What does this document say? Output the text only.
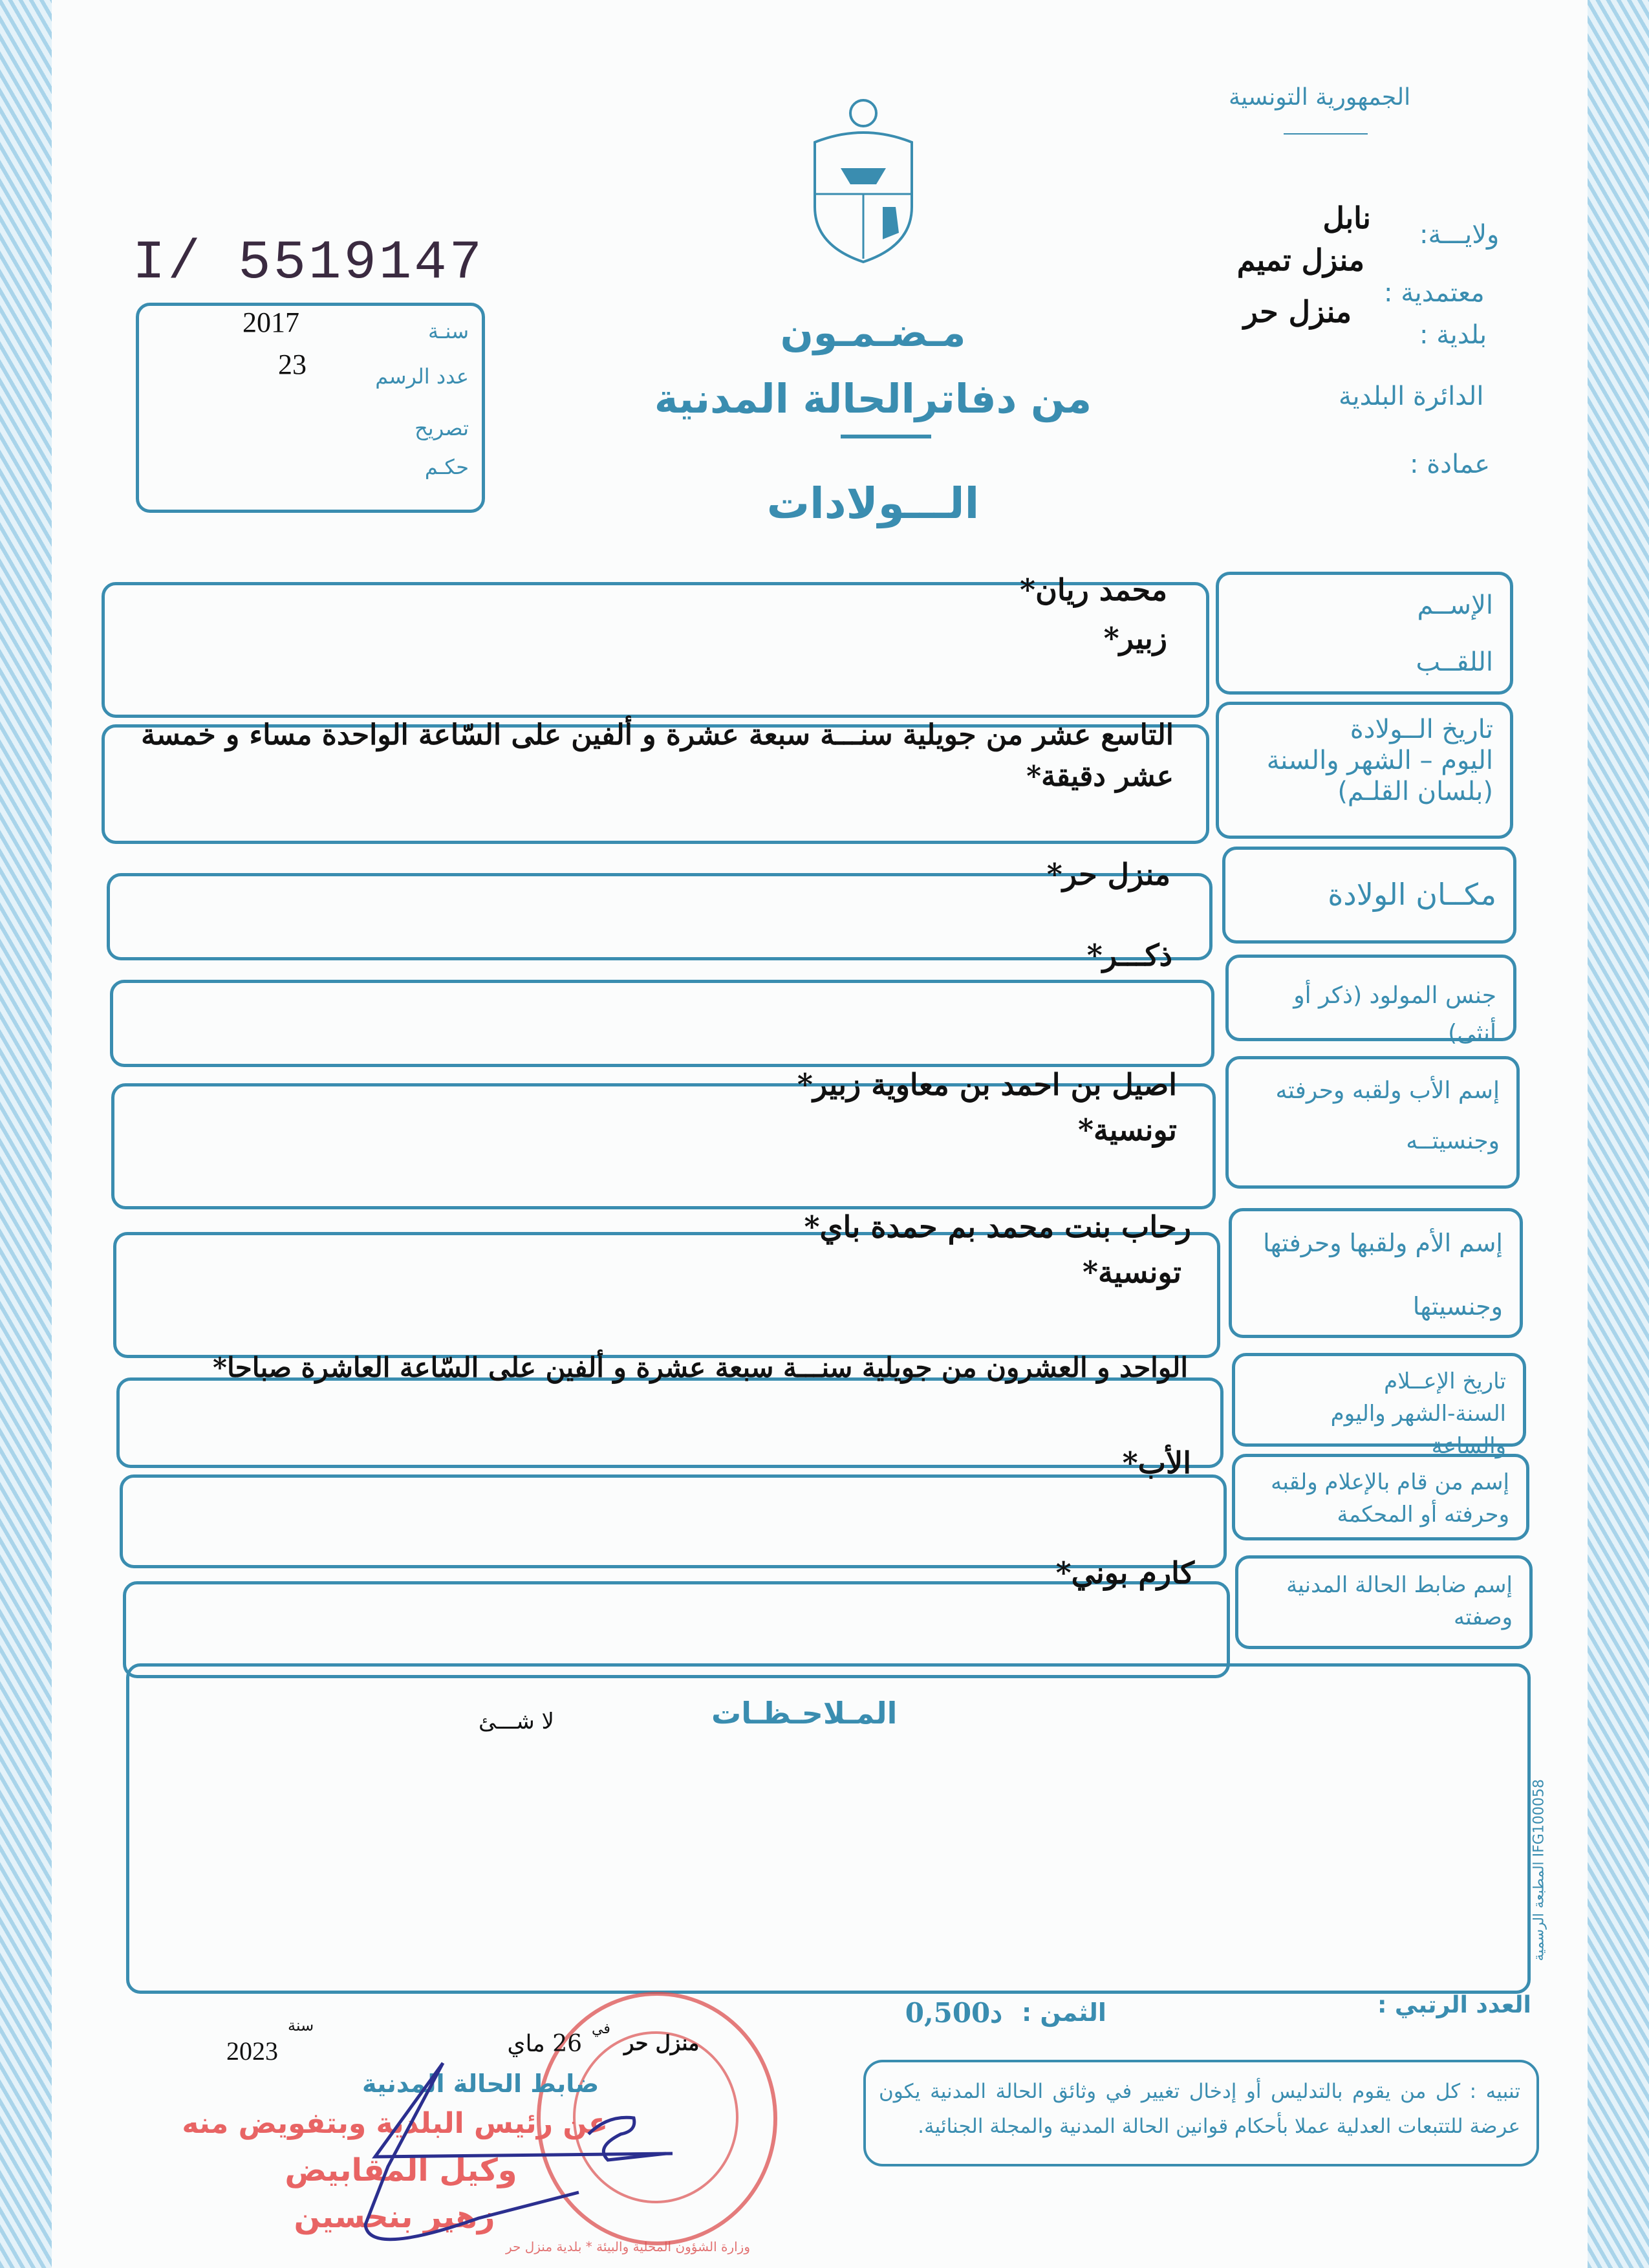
الجمهورية التونسية
ولايـــة:
نابل
معتمدية :
منزل تميم
بلدية :
منزل حر
الدائرة البلدية
عمادة :
I/ 5519147
سنـة
2017
23	عدد الرسم
تصريح
حكـم
مـضـمـون
من دفاترالحالة المدنية
الـــولادات
الإســم
اللقــب
محمد ريان*
زبير*
تاريخ الــولادة
اليوم – الشهر والسنة
(بلسان القلـم)
التاسع عشر من جويلية سنـــة سبعة عشرة و ألفين على السّاعة الواحدة مساء و خمسة عشر دقيقة*
مكــان الولادة
منزل حر*
جنس المولود (ذكر أو أنثى)
ذكـــر*
إسم الأب ولقبه وحرفته
وجنسيتــه
اصيل بن احمد بن معاوية زبير*
تونسية*
إسم الأم ولقبها وحرفتها
وجنسيتها
رحاب بنت محمد بم حمدة باي*
تونسية*
تاريخ الإعــلام
السنة-الشهر واليوم والساعة
الواحد و العشرون من جويلية سنـــة سبعة عشرة و ألفين على السّاعة العاشرة صباحا*
إسم من قام بالإعلام ولقبه
وحرفته أو المحكمة
الأب*
إسم ضابط الحالة المدنية
وصفته
كارم بوني*
المـلاحـظـات
لا شـــئ
المطبعة الرسمية IFG100058
العدد الرتبي :
الثمن :
0,500د
تنبيه : كل من يقوم بالتدليس أو إدخال تغيير في وثائق الحالة المدنية يكون عرضة للتتبعات العدلية عملا بأحكام قوانين الحالة المدنية والمجلة الجنائية.
وزارة الشؤون المحلية والبيئة * بلدية منزل حر
منزل حر
في
26 ماي
سنة
2023
ضابط الحالة المدنية
عن رئيس البلدية وبتفويض منه
وكيل المقابيض
زهير بنحسين
